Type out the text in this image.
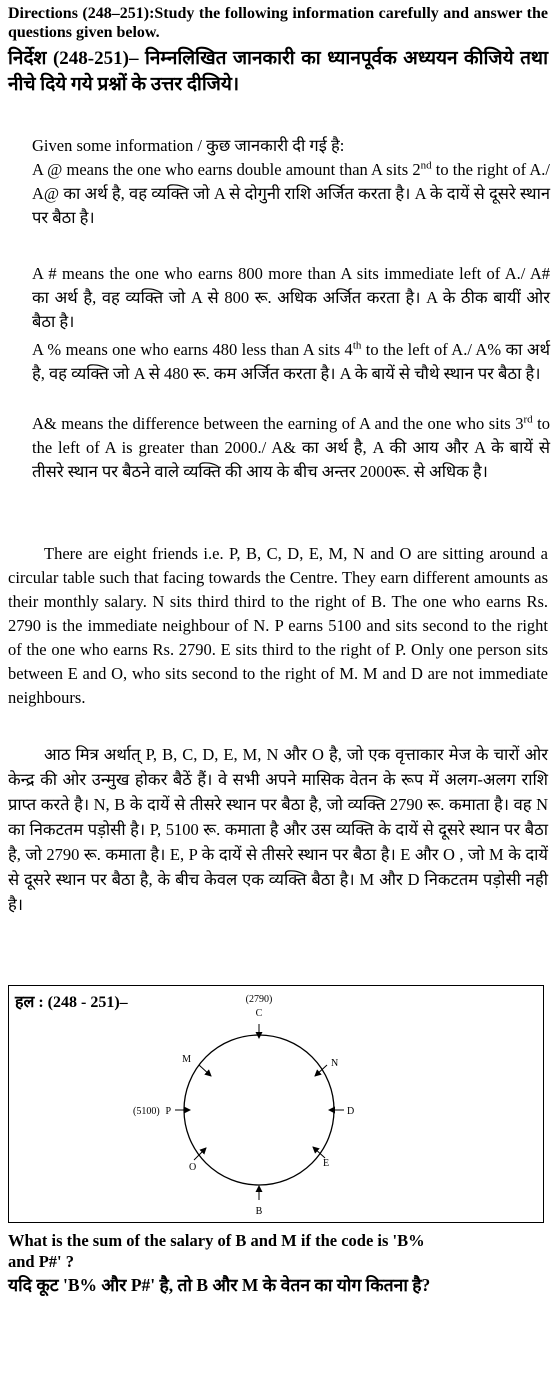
Directions (248–251):Study the following information carefully and answer the questions given below.
निर्देश (248-251)– निम्नलिखित जानकारी का ध्यानपूर्वक अध्ययन कीजिये तथा नीचे दिये गये प्रश्नों के उत्तर दीजिये।
Given some information / कुछ जानकारी दी गई है:
A @ means the one who earns double amount than A sits 2nd to the right of A./ A@ का अर्थ है, वह व्यक्ति जो A से दोगुनी राशि अर्जित करता है। A के दायें से दूसरे स्थान पर बैठा है।
A # means the one who earns 800 more than A sits immediate left of A./ A# का अर्थ है, वह व्यक्ति जो A से 800 रू. अधिक अर्जित करता है। A के ठीक बायीं ओर बैठा है।
A % means one who earns 480 less than A sits 4th to the left of A./ A% का अर्थ है, वह व्यक्ति जो A से 480 रू. कम अर्जित करता है। A के बायें से चौथे स्थान पर बैठा है।
A& means the difference between the earning of A and the one who sits 3rd to the left of A is greater than 2000./ A& का अर्थ है, A की आय और A के बायें से तीसरे स्थान पर बैठने वाले व्यक्ति की आय के बीच अन्तर 2000रू. से अधिक है।
There are eight friends i.e. P, B, C, D, E, M, N and O are sitting around a circular table such that facing towards the Centre. They earn different amounts as their monthly salary. N sits third third to the right of B. The one who earns Rs. 2790 is the immediate neighbour of N. P earns 5100 and sits second to the right of the one who earns Rs. 2790. E sits third to the right of P. Only one person sits between E and O, who sits second to the right of M. M and D are not immediate neighbours.
आठ मित्र अर्थात् P, B, C, D, E, M, N और O है, जो एक वृत्ताकार मेज के चारों ओर केन्द्र की ओर उन्मुख होकर बैठें हैं। वे सभी अपने मासिक वेतन के रूप में अलग-अलग राशि प्राप्त करते है। N, B के दायें से तीसरे स्थान पर बैठा है, जो व्यक्ति 2790 रू. कमाता है। वह N का निकटतम पड़ोसी है। P, 5100 रू. कमाता है और उस व्यक्ति के दायें से दूसरे स्थान पर बैठा है, जो 2790 रू. कमाता है। E, P के दायें से तीसरे स्थान पर बैठा है। E और O , जो M के दायें से दूसरे स्थान पर बैठा है, के बीच केवल एक व्यक्ति बैठा है। M और D निकटतम पड़ोसी नही है।
हल : (248 - 251)–	(2790)
C
N
D
E
B
O
P
(5100)
M
What is the sum of the salary of B and M if the code is 'B% and P#' ?
यदि कूट 'B% और P#' है, तो B और M के वेतन का योग कितना है?
